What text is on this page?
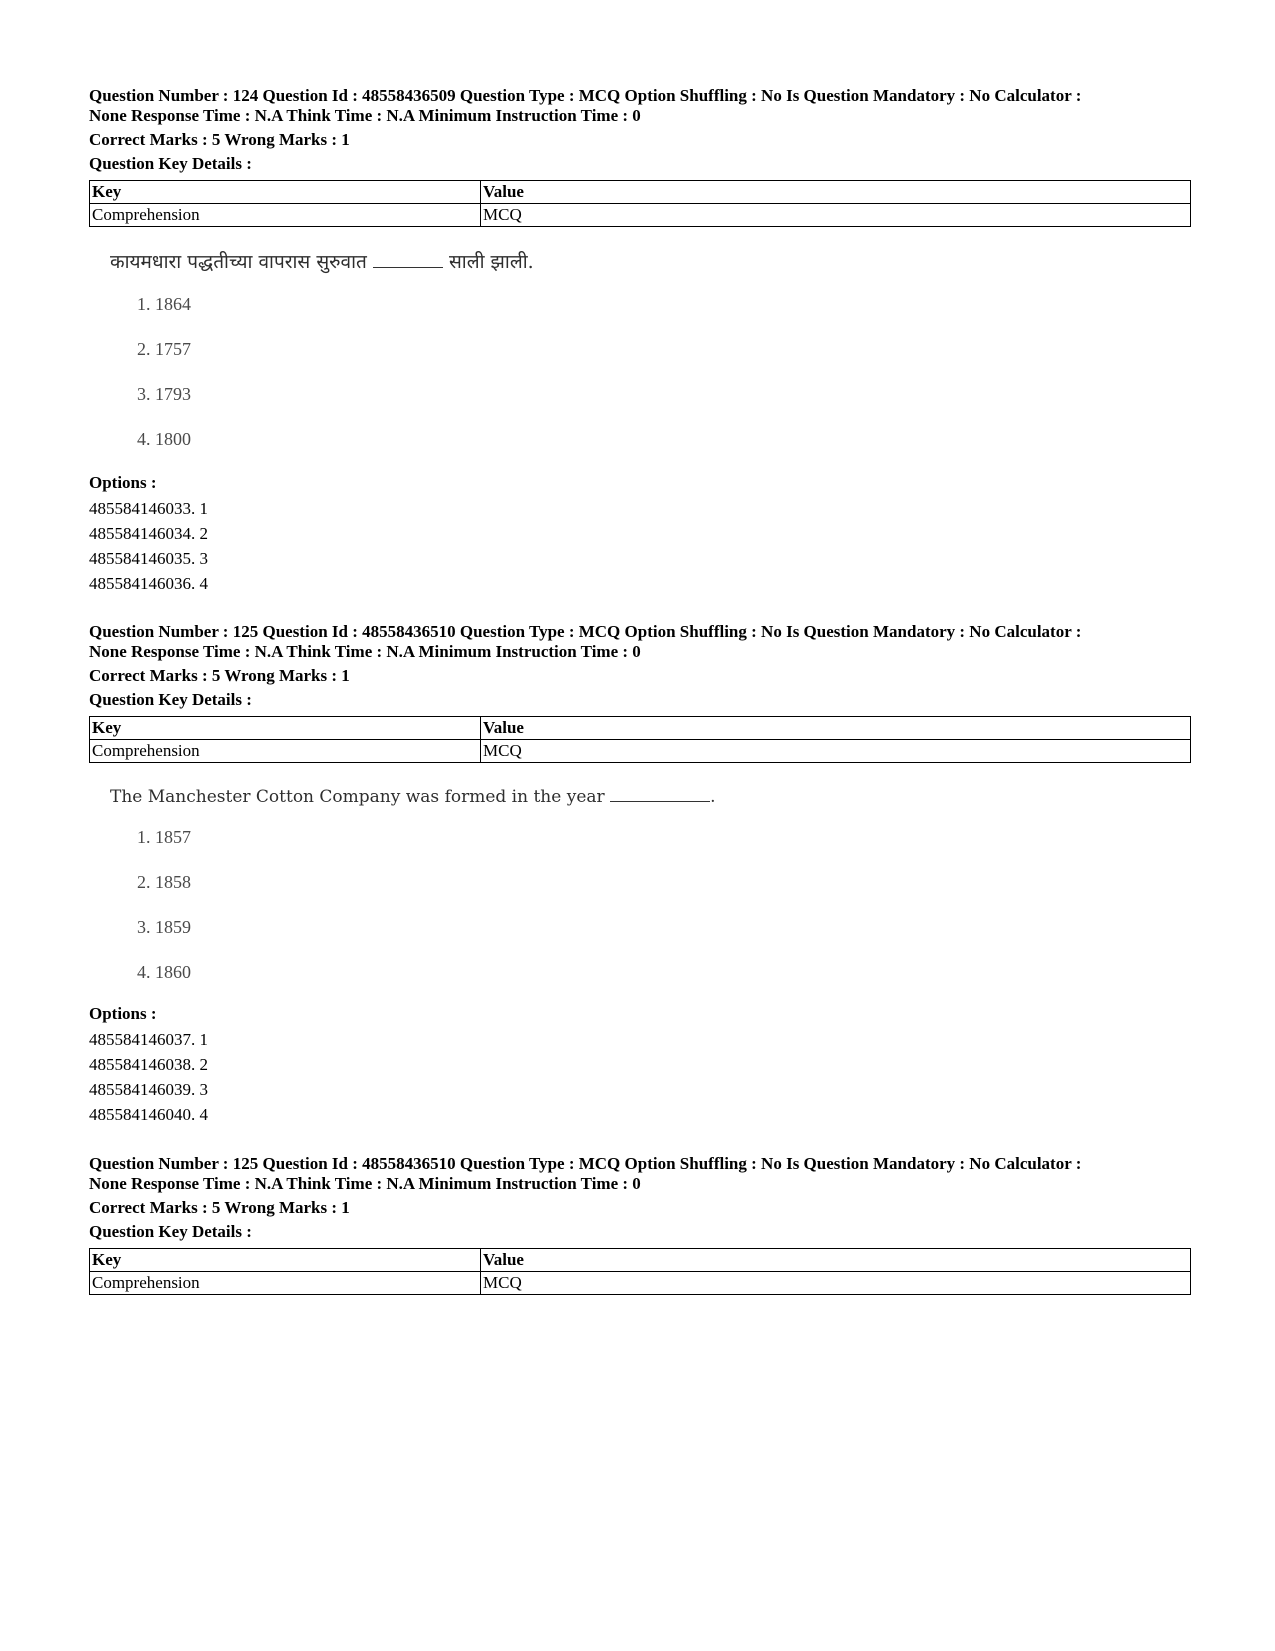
Question Number : 124 Question Id : 48558436509 Question Type : MCQ Option Shuffling : No Is Question Mandatory : No Calculator :

None Response Time : N.A Think Time : N.A Minimum Instruction Time : 0

Correct Marks : 5 Wrong Marks : 1
Question Key Details :
Key	Value
Comprehension	MCQ
कायमधारा पद्धतीच्या वापरास सुरुवात	साली झाली.
1. 1864
2. 1757
3. 1793
4. 1800
Options :
485584146033. 1
485584146034. 2
485584146035. 3
485584146036. 4

Question Number : 125 Question Id : 48558436510 Question Type : MCQ Option Shuffling : No Is Question Mandatory : No Calculator :

None Response Time : N.A Think Time : N.A Minimum Instruction Time : 0

Correct Marks : 5 Wrong Marks : 1
Question Key Details :
Key	Value
Comprehension	MCQ
The Manchester Cotton Company was formed in the year	.
1. 1857
2. 1858
3. 1859
4. 1860
Options :
485584146037. 1
485584146038. 2
485584146039. 3
485584146040. 4

Question Number : 125 Question Id : 48558436510 Question Type : MCQ Option Shuffling : No Is Question Mandatory : No Calculator :

None Response Time : N.A Think Time : N.A Minimum Instruction Time : 0

Correct Marks : 5 Wrong Marks : 1
Question Key Details :
Key	Value
Comprehension	MCQ
